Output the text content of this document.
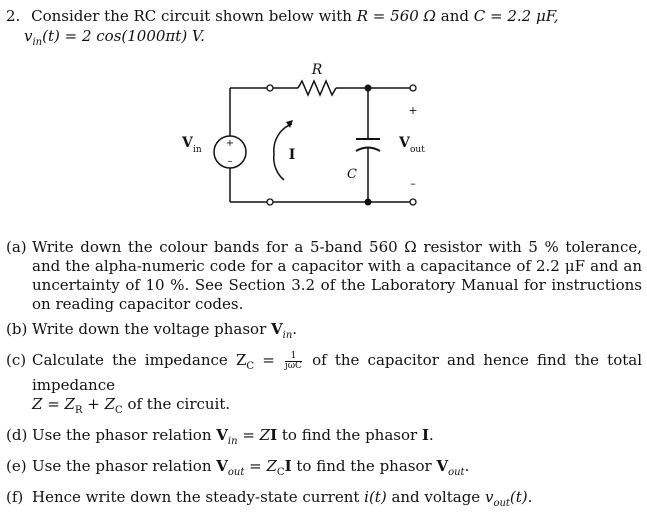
2. Consider the RC circuit shown below with R = 560 Ω and C = 2.2 μF,
$v_{in}(t) = 2$ cos(1000πt) V.
+
–
R
C
I
V in	V out
+
–
(a) Write down the colour bands for a 5-band 560 Ω resistor with 5 % tolerance, and the alpha-numeric code for a capacitor with a capacitance of 2.2 μF and an uncertainty of 10 %. See Section 3.2 of the Laboratory Manual for instructions on reading capacitor codes.
(b) Write down the voltage phasor $V_{in}$.
(c) Calculate the impedance $Z_C = \frac{1}{\text{jωC}}$ of the capacitor and hence find the total impedance
$Z = Z_R + Z_C$ of the circuit.
(d) Use the phasor relation $V_{in}$ = ZI to find the phasor I.
(e) Use the phasor relation $V_{out} = Z_CI$ to find the phasor $V_{out}$.
(f) Hence write down the steady-state current i(t) and voltage $v_{out}(t)$.
